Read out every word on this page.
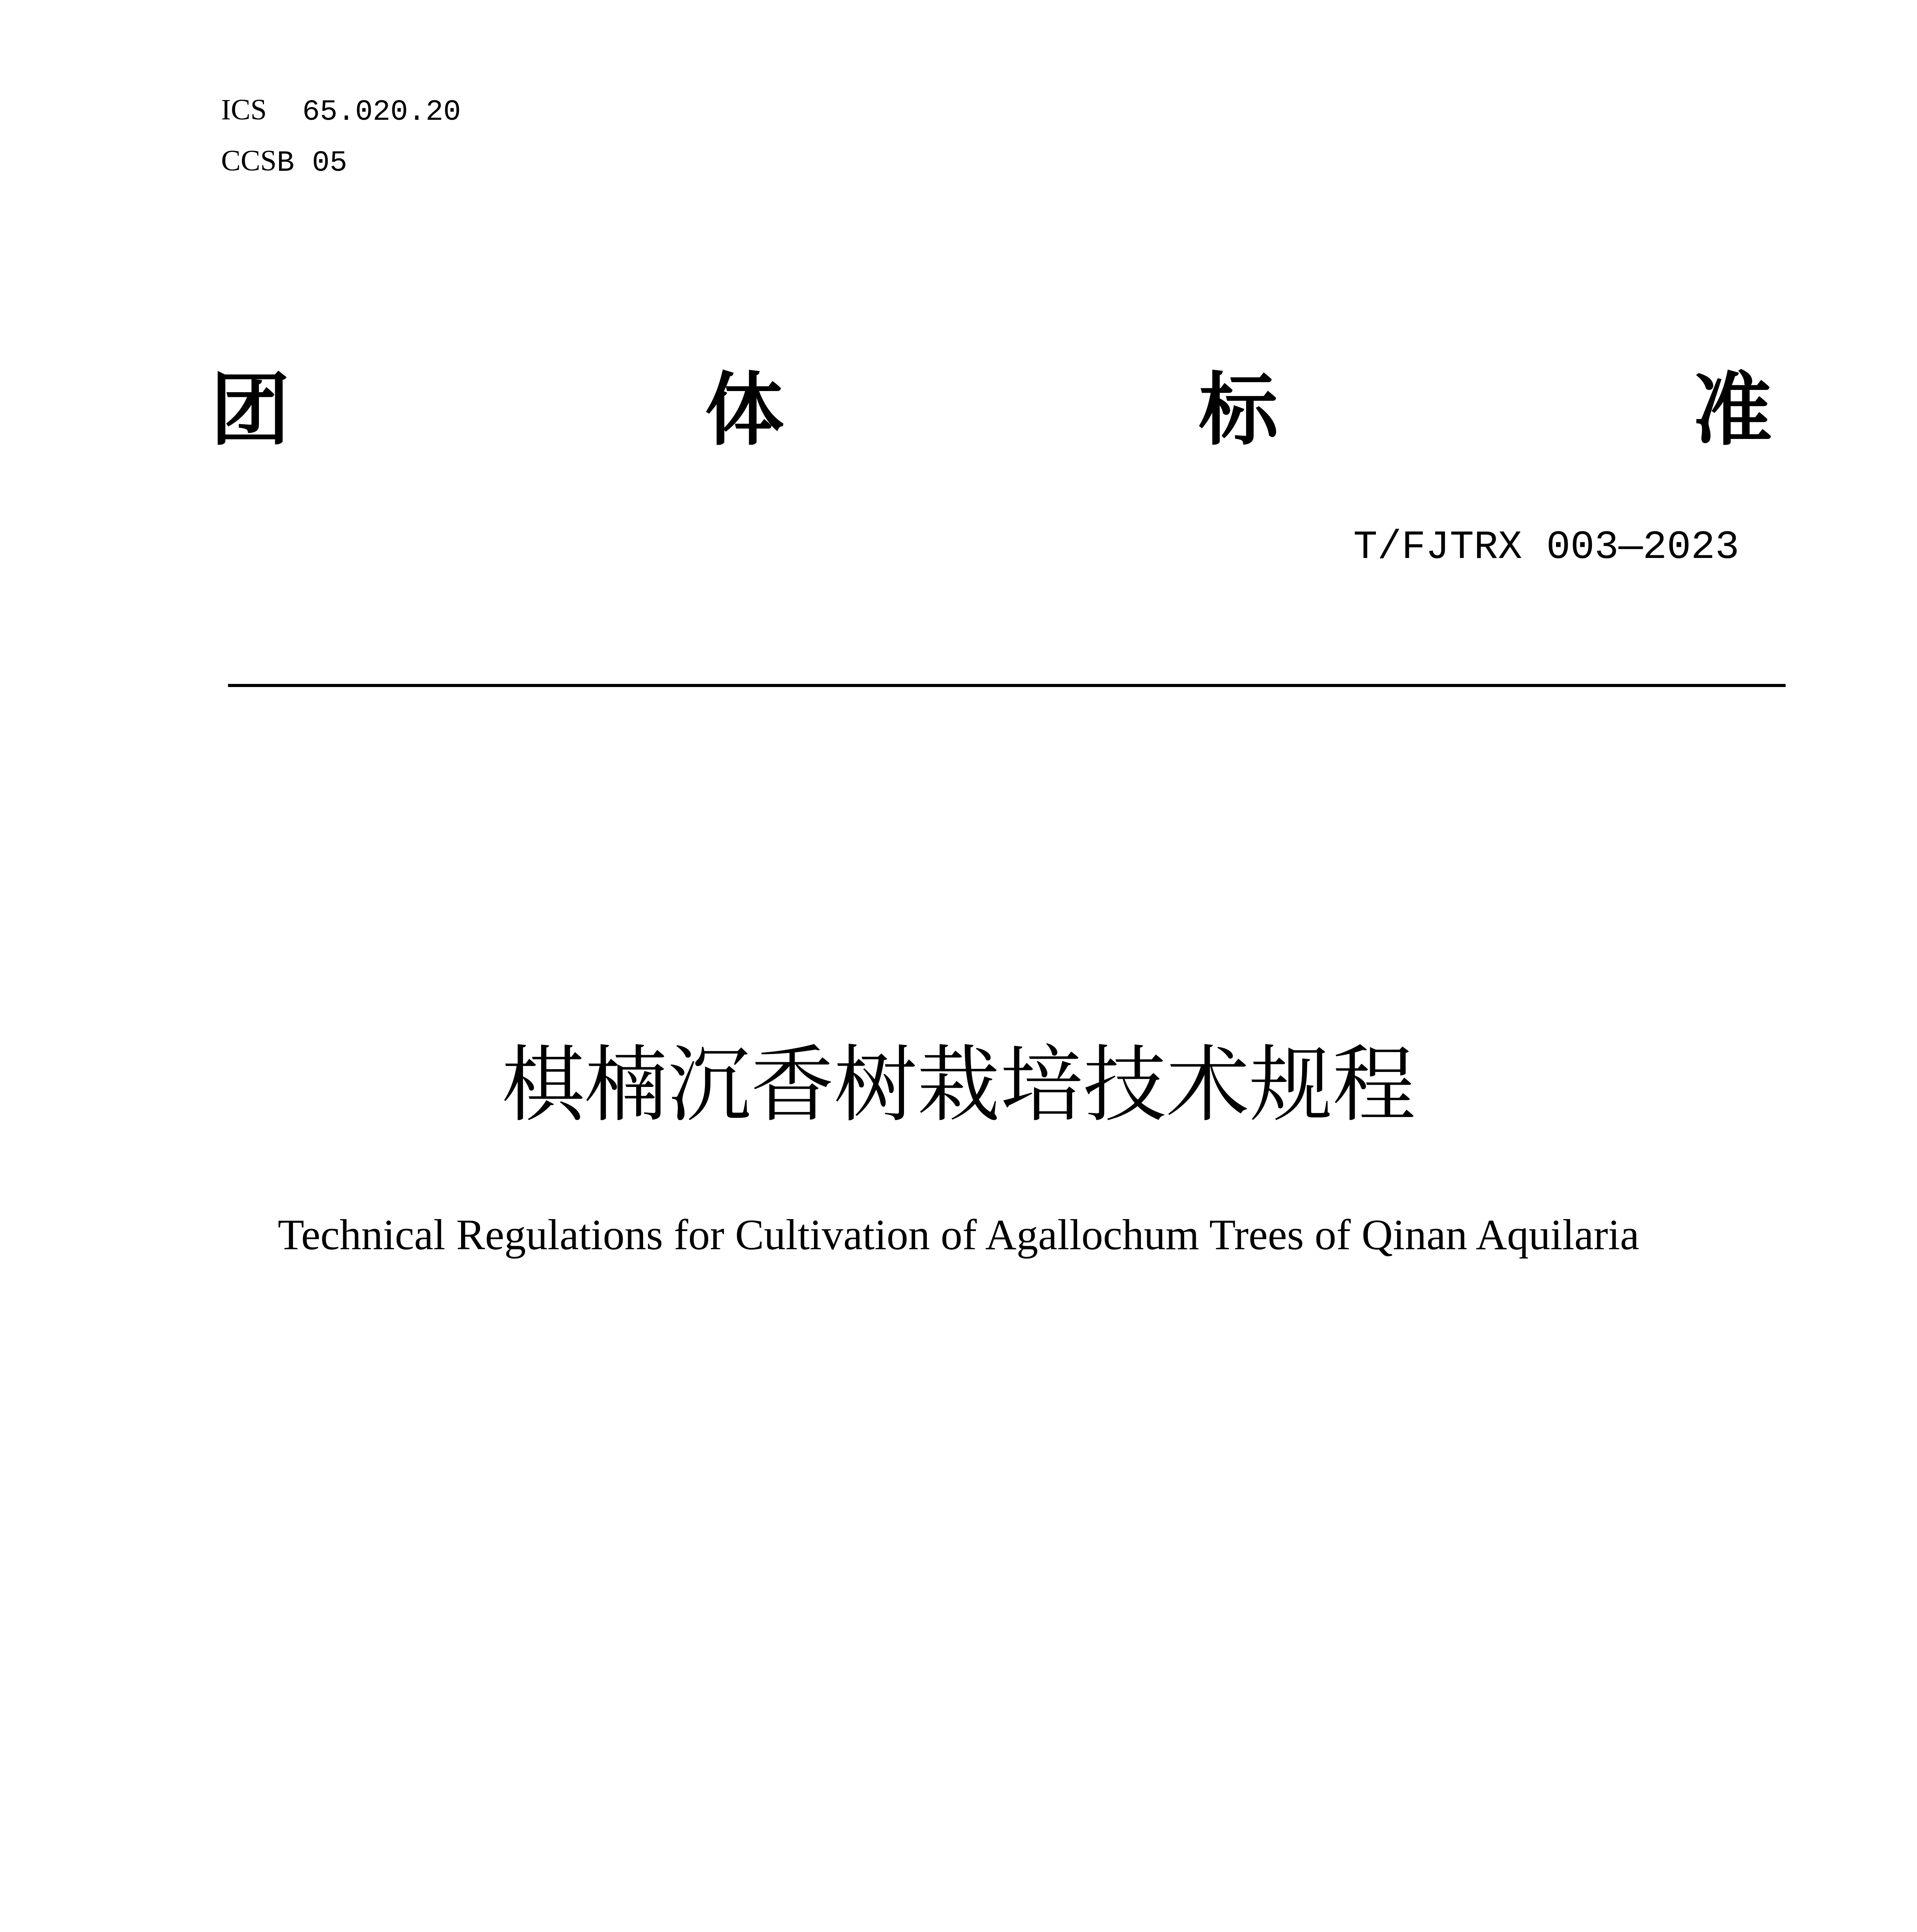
ICS 65.020.20
CCS B 05
团	体	标	准
T/FJTRX 003—2023
棋楠沉香树栽培技术规程
Technical Regulations for Cultivation of Agallochum Trees of Qinan Aquilaria
